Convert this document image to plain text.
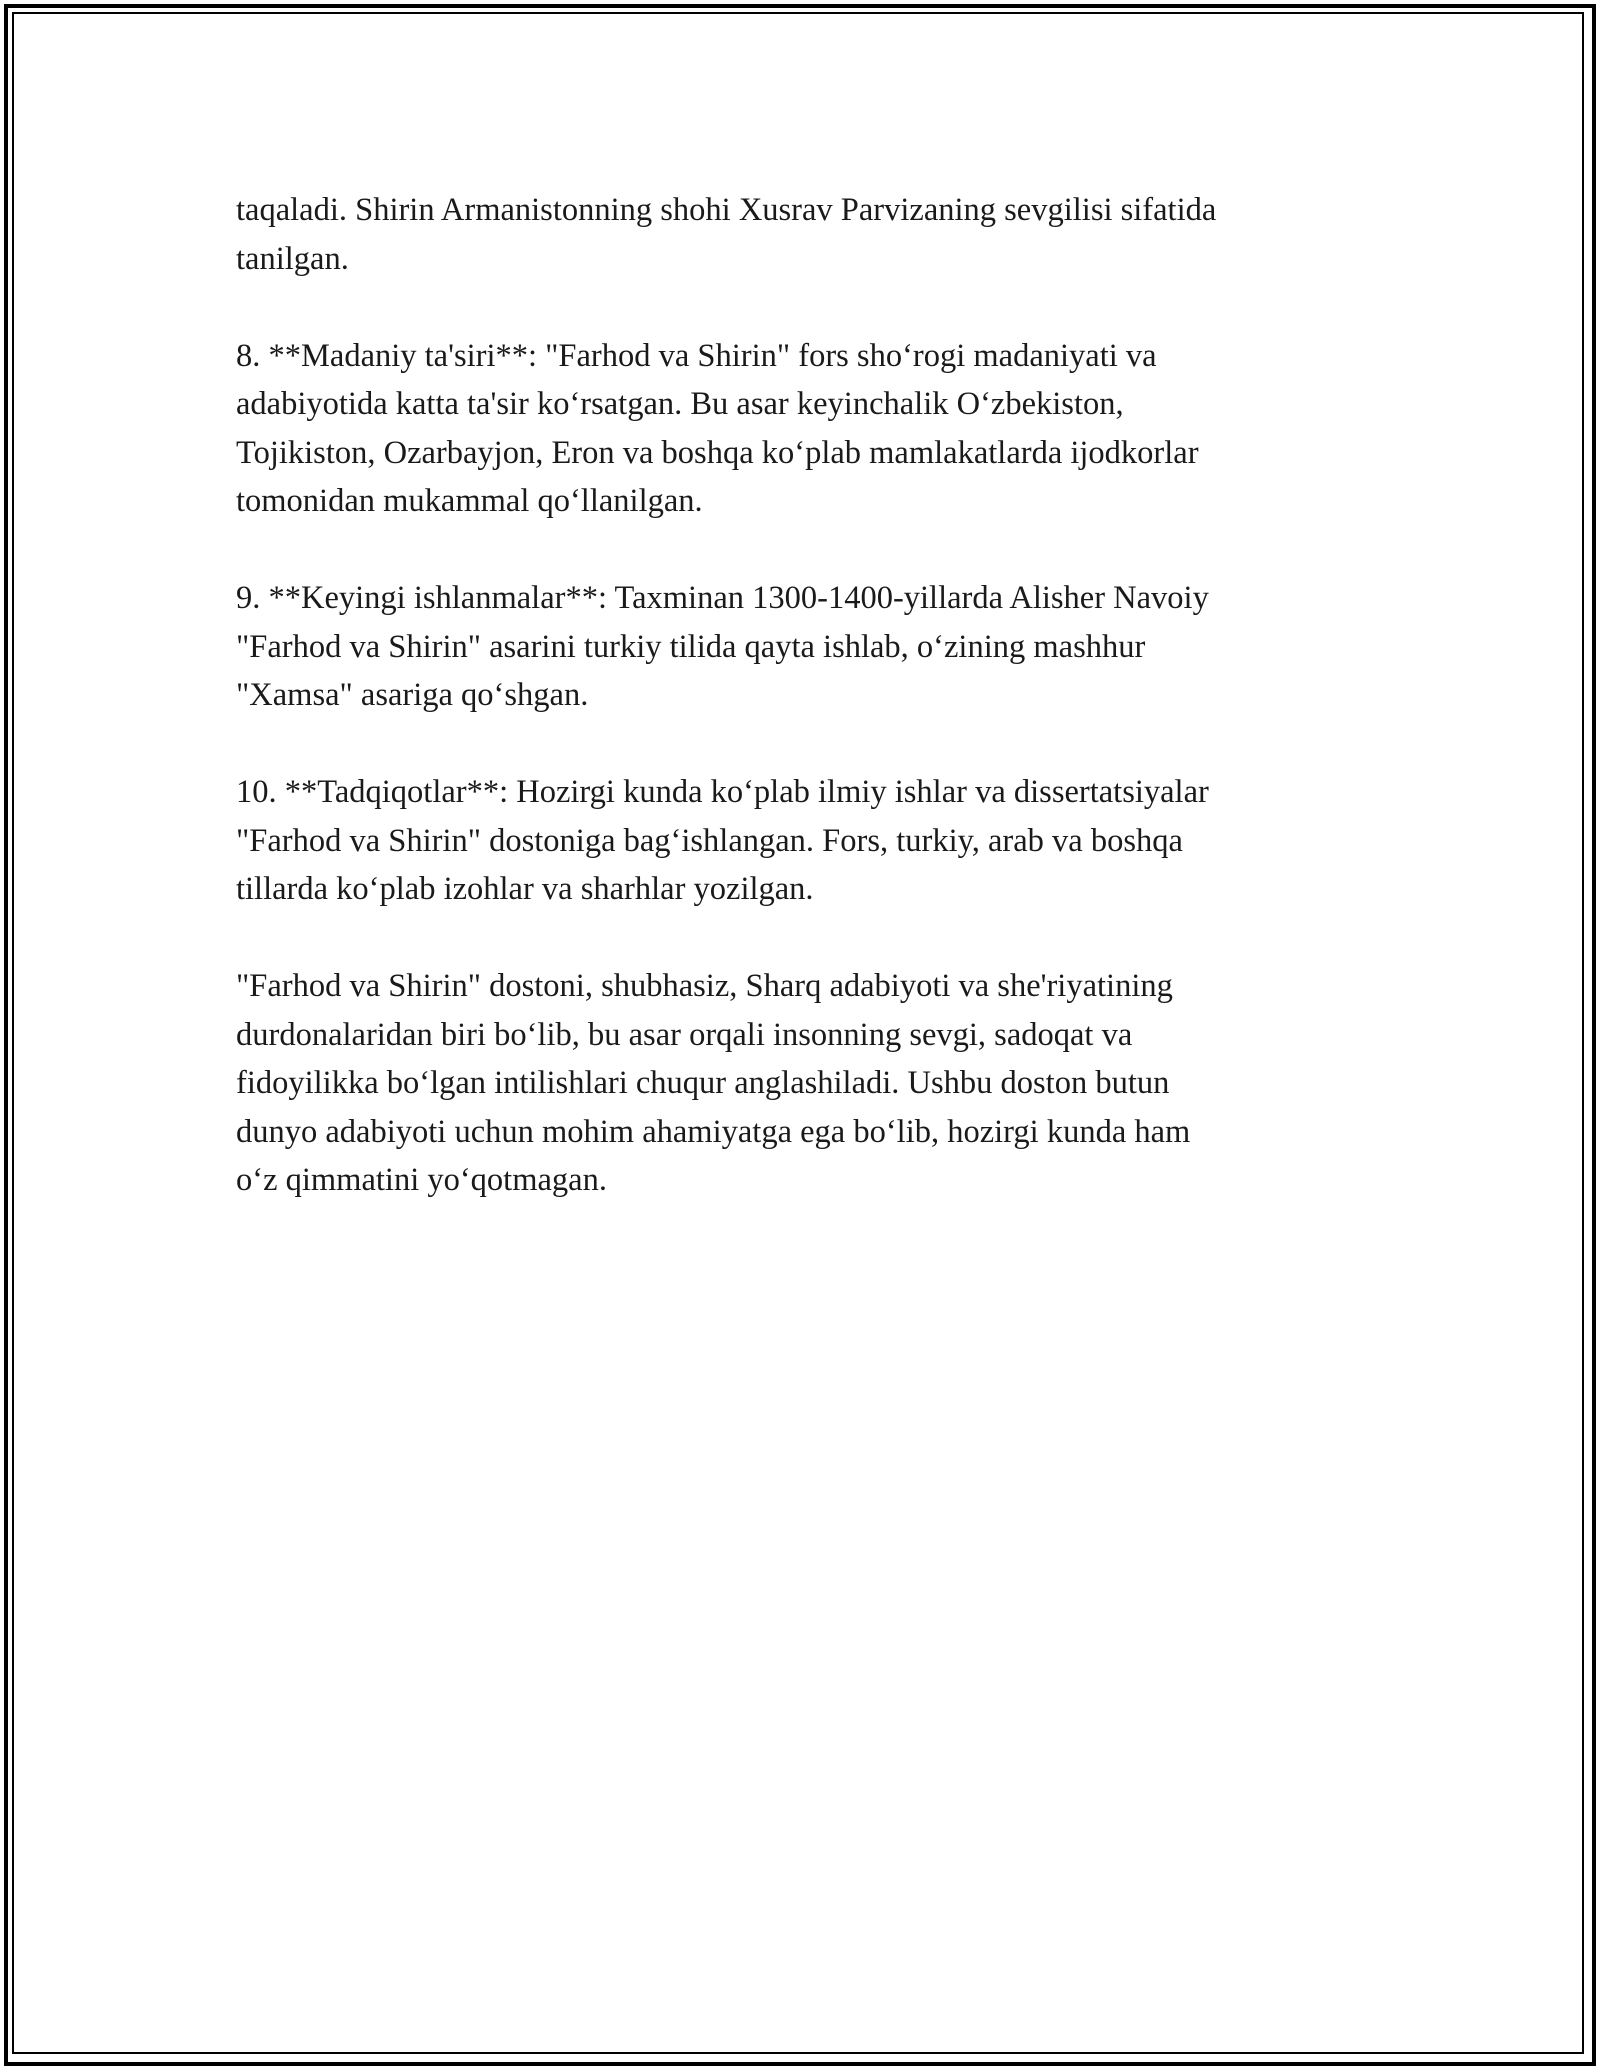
taqaladi. Shirin Armanistonning shohi Xusrav Parvizaning sevgilisi sifatida
tanilgan.

8. **Madaniy ta'siri**: "Farhod va Shirin" fors sho‘rogi madaniyati va
adabiyotida katta ta'sir ko‘rsatgan. Bu asar keyinchalik O‘zbekiston,
Tojikiston, Ozarbayjon, Eron va boshqa ko‘plab mamlakatlarda ijodkorlar
tomonidan mukammal qo‘llanilgan.

9. **Keyingi ishlanmalar**: Taxminan 1300-1400-yillarda Alisher Navoiy
"Farhod va Shirin" asarini turkiy tilida qayta ishlab, o‘zining mashhur
"Xamsa" asariga qo‘shgan.

10. **Tadqiqotlar**: Hozirgi kunda ko‘plab ilmiy ishlar va dissertatsiyalar
"Farhod va Shirin" dostoniga bag‘ishlangan. Fors, turkiy, arab va boshqa
tillarda ko‘plab izohlar va sharhlar yozilgan.

"Farhod va Shirin" dostoni, shubhasiz, Sharq adabiyoti va she'riyatining
durdonalaridan biri bo‘lib, bu asar orqali insonning sevgi, sadoqat va
fidoyilikka bo‘lgan intilishlari chuqur anglashiladi. Ushbu doston butun
dunyo adabiyoti uchun mohim ahamiyatga ega bo‘lib, hozirgi kunda ham
o‘z qimmatini yo‘qotmagan.
